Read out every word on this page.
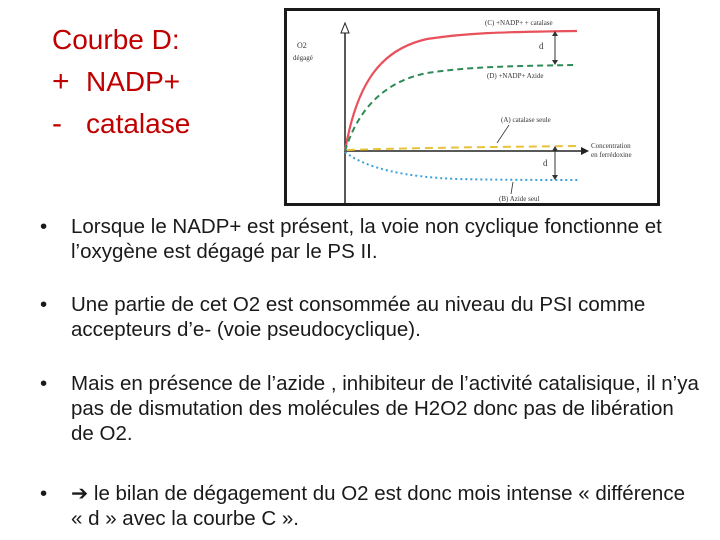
Courbe D:
+ NADP+
- catalase
O2
dégagé
d
d
(C) +NADP+ + catalase
(D) +NADP+ Azide
(A) catalase seule
(B) Azide seul
Concentration
en ferrédoxine
• Lorsque le NADP+ est présent, la voie non cyclique fonctionne et l’oxygène est dégagé par le PS II.
• Une partie de cet O2 est consommée au niveau du PSI comme accepteurs d’e- (voie pseudocyclique).
• Mais en présence de l’azide , inhibiteur de l’activité catalisique, il n’ya pas de dismutation des molécules de H2O2 donc pas de libération de O2.
• ➔ le bilan de dégagement du O2 est donc mois intense « différence « d » avec la courbe C ».
